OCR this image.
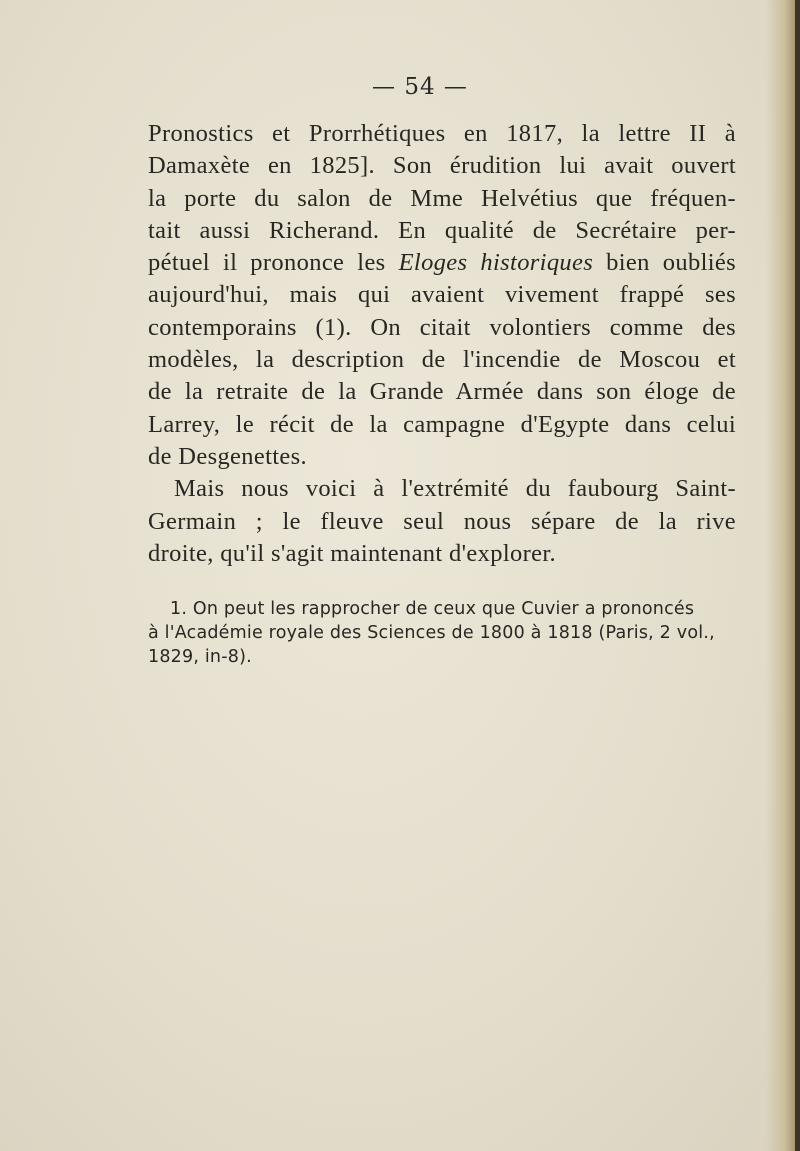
— 54 —
Pronostics et Prorrhétiques en 1817, la lettre II à
Damaxète en 1825]. Son érudition lui avait ouvert
la porte du salon de Mme Helvétius que fréquen-
tait aussi Richerand. En qualité de Secrétaire per-
pétuel il prononce les Eloges historiques bien oubliés
aujourd'hui, mais qui avaient vivement frappé ses
contemporains (1). On citait volontiers comme des
modèles, la description de l'incendie de Moscou et
de la retraite de la Grande Armée dans son éloge de
Larrey, le récit de la campagne d'Egypte dans celui
de Desgenettes.
Mais nous voici à l'extrémité du faubourg Saint-
Germain ; le fleuve seul nous sépare de la rive
droite, qu'il s'agit maintenant d'explorer.
1. On peut les rapprocher de ceux que Cuvier a prononcés
à l'Académie royale des Sciences de 1800 à 1818 (Paris, 2 vol.,
1829, in-8).
